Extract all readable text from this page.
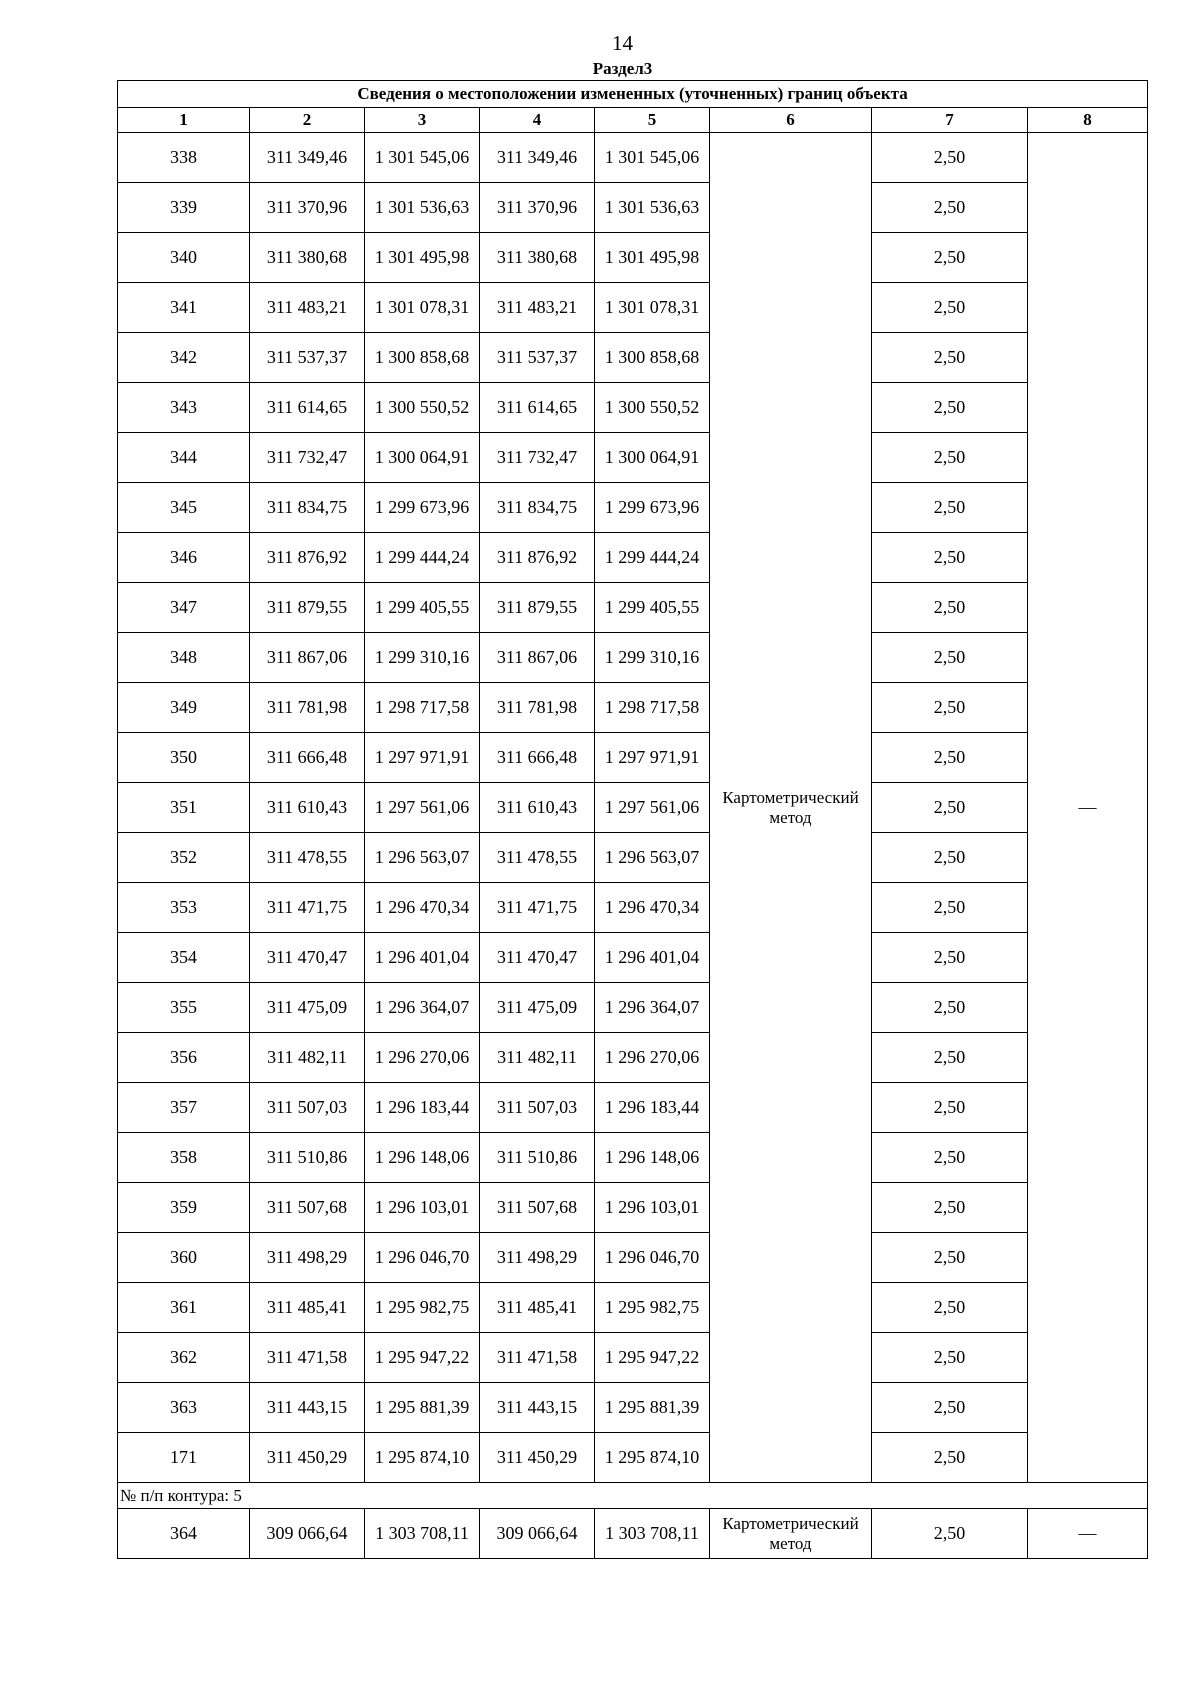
14
Раздел3
Сведения о местоположении измененных (уточненных) границ объекта							
1	2	3	4	5	6	7	8
338	311 349,46	1 301 545,06	311 349,46	1 301 545,06	Картометрический метод	2,50	—
339	311 370,96	1 301 536,63	311 370,96	1 301 536,63		2,50	
340	311 380,68	1 301 495,98	311 380,68	1 301 495,98		2,50	
341	311 483,21	1 301 078,31	311 483,21	1 301 078,31		2,50	
342	311 537,37	1 300 858,68	311 537,37	1 300 858,68		2,50	
343	311 614,65	1 300 550,52	311 614,65	1 300 550,52		2,50	
344	311 732,47	1 300 064,91	311 732,47	1 300 064,91		2,50	
345	311 834,75	1 299 673,96	311 834,75	1 299 673,96		2,50	
346	311 876,92	1 299 444,24	311 876,92	1 299 444,24		2,50	
347	311 879,55	1 299 405,55	311 879,55	1 299 405,55		2,50	
348	311 867,06	1 299 310,16	311 867,06	1 299 310,16		2,50	
349	311 781,98	1 298 717,58	311 781,98	1 298 717,58		2,50	
350	311 666,48	1 297 971,91	311 666,48	1 297 971,91		2,50	
351	311 610,43	1 297 561,06	311 610,43	1 297 561,06		2,50	
352	311 478,55	1 296 563,07	311 478,55	1 296 563,07		2,50	
353	311 471,75	1 296 470,34	311 471,75	1 296 470,34		2,50	
354	311 470,47	1 296 401,04	311 470,47	1 296 401,04		2,50	
355	311 475,09	1 296 364,07	311 475,09	1 296 364,07		2,50	
356	311 482,11	1 296 270,06	311 482,11	1 296 270,06		2,50	
357	311 507,03	1 296 183,44	311 507,03	1 296 183,44		2,50	
358	311 510,86	1 296 148,06	311 510,86	1 296 148,06		2,50	
359	311 507,68	1 296 103,01	311 507,68	1 296 103,01		2,50	
360	311 498,29	1 296 046,70	311 498,29	1 296 046,70		2,50	
361	311 485,41	1 295 982,75	311 485,41	1 295 982,75		2,50	
362	311 471,58	1 295 947,22	311 471,58	1 295 947,22		2,50	
363	311 443,15	1 295 881,39	311 443,15	1 295 881,39		2,50	
171	311 450,29	1 295 874,10	311 450,29	1 295 874,10		2,50	
№ п/п контура: 5							
364	309 066,64	1 303 708,11	309 066,64	1 303 708,11	Картометрический метод	2,50	—
